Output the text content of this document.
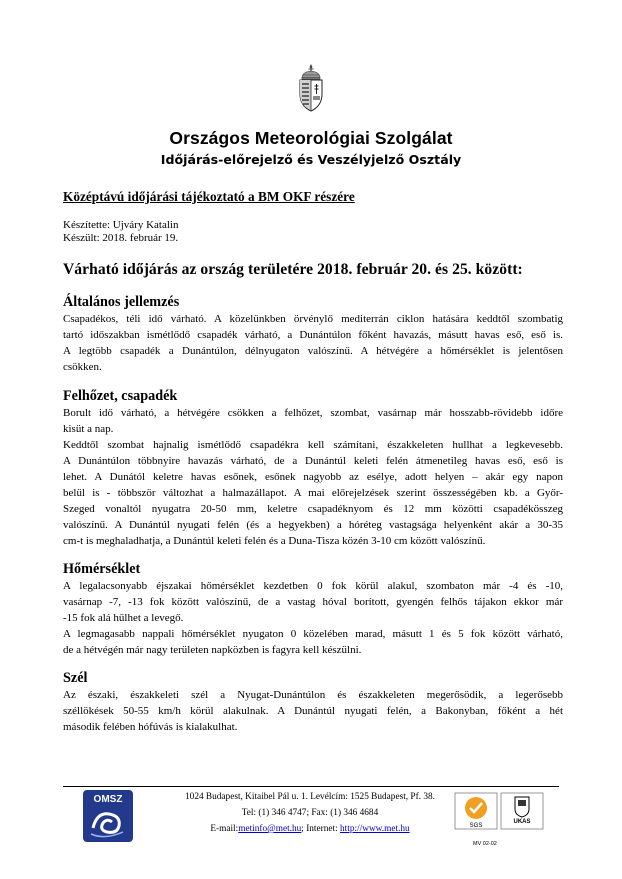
Országos Meteorológiai Szolgálat
Időjárás-előrejelző és Veszélyjelző Osztály
Középtávú időjárási tájékoztató a BM OKF részére
Készítette: Ujváry Katalin
Készült: 2018. február 19.
Várható időjárás az ország területére 2018. február 20. és 25. között:
Általános jellemzés
Csapadékos, téli idő várható. A közelünkben örvénylő mediterrán ciklon hatására keddtől szombatig
tartó időszakban ismétlődő csapadék várható, a Dunántúlon főként havazás, másutt havas eső, eső is.
A legtöbb csapadék a Dunántúlon, délnyugaton valószínű. A hétvégére a hőmérséklet is jelentősen
csökken.
Felhőzet, csapadék
Borult idő várható, a hétvégére csökken a felhőzet, szombat, vasárnap már hosszabb-rövidebb időre
kisüt a nap.
Keddtől szombat hajnalig ismétlődő csapadékra kell számítani, északkeleten hullhat a legkevesebb.
A Dunántúlon többnyire havazás várható, de a Dunántúl keleti felén átmenetileg havas eső, eső is
lehet. A Dunától keletre havas esőnek, esőnek nagyobb az esélye, adott helyen – akár egy napon
belül is - többször változhat a halmazállapot. A mai előrejelzések szerint összességében kb. a Győr-
Szeged vonaltól nyugatra 20-50 mm, keletre csapadéknyom és 12 mm közötti csapadékösszeg
valószínű. A Dunántúl nyugati felén (és a hegyekben) a hóréteg vastagsága helyenként akár a 30-35
cm-t is meghaladhatja, a Dunántúl keleti felén és a Duna-Tisza közén 3-10 cm között valószínű.
Hőmérséklet
A legalacsonyabb éjszakai hőmérséklet kezdetben 0 fok körül alakul, szombaton már -4 és -10,
vasárnap -7, -13 fok között valószínű, de a vastag hóval borított, gyengén felhős tájakon ekkor már
-15 fok alá hűlhet a levegő.
A legmagasabb nappali hőmérséklet nyugaton 0 közelében marad, másutt 1 és 5 fok között várható,
de a hétvégén már nagy területen napközben is fagyra kell készülni.
Szél
Az északi, északkeleti szél a Nyugat-Dunántúlon és északkeleten megerősödik, a legerősebb
széllökések 50-55 km/h körül alakulnak. A Dunántúl nyugati felén, a Bakonyban, főként a hét
második felében hófúvás is kialakulhat.
OMSZ	1024 Budapest, Kitaibel Pál u. 1. Levélcím: 1525 Budapest, Pf. 38.
Tel: (1) 346 4747; Fax: (1) 346 4684
E-mail:metinfo@met.hu; Internet: http://www.met.hu	SGS
UKAS
MV 02-02
